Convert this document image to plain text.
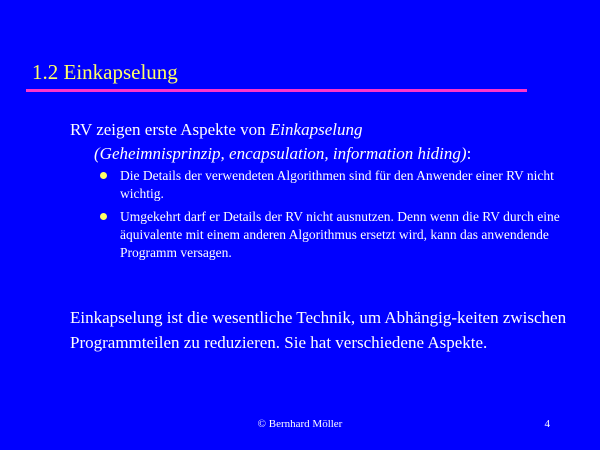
1.2 Einkapselung
RV zeigen erste Aspekte von Einkapselung
(Geheimnisprinzip, encapsulation, information hiding):
Die Details der verwendeten Algorithmen sind für den Anwender einer RV nicht wichtig.
Umgekehrt darf er Details der RV nicht ausnutzen. Denn wenn die RV durch eine äquivalente mit einem anderen Algorithmus ersetzt wird, kann das anwendende Programm versagen.
Einkapselung ist die wesentliche Technik, um Abhängig-keiten zwischen Programmteilen zu reduzieren. Sie hat verschiedene Aspekte.
© Bernhard Möller	4
